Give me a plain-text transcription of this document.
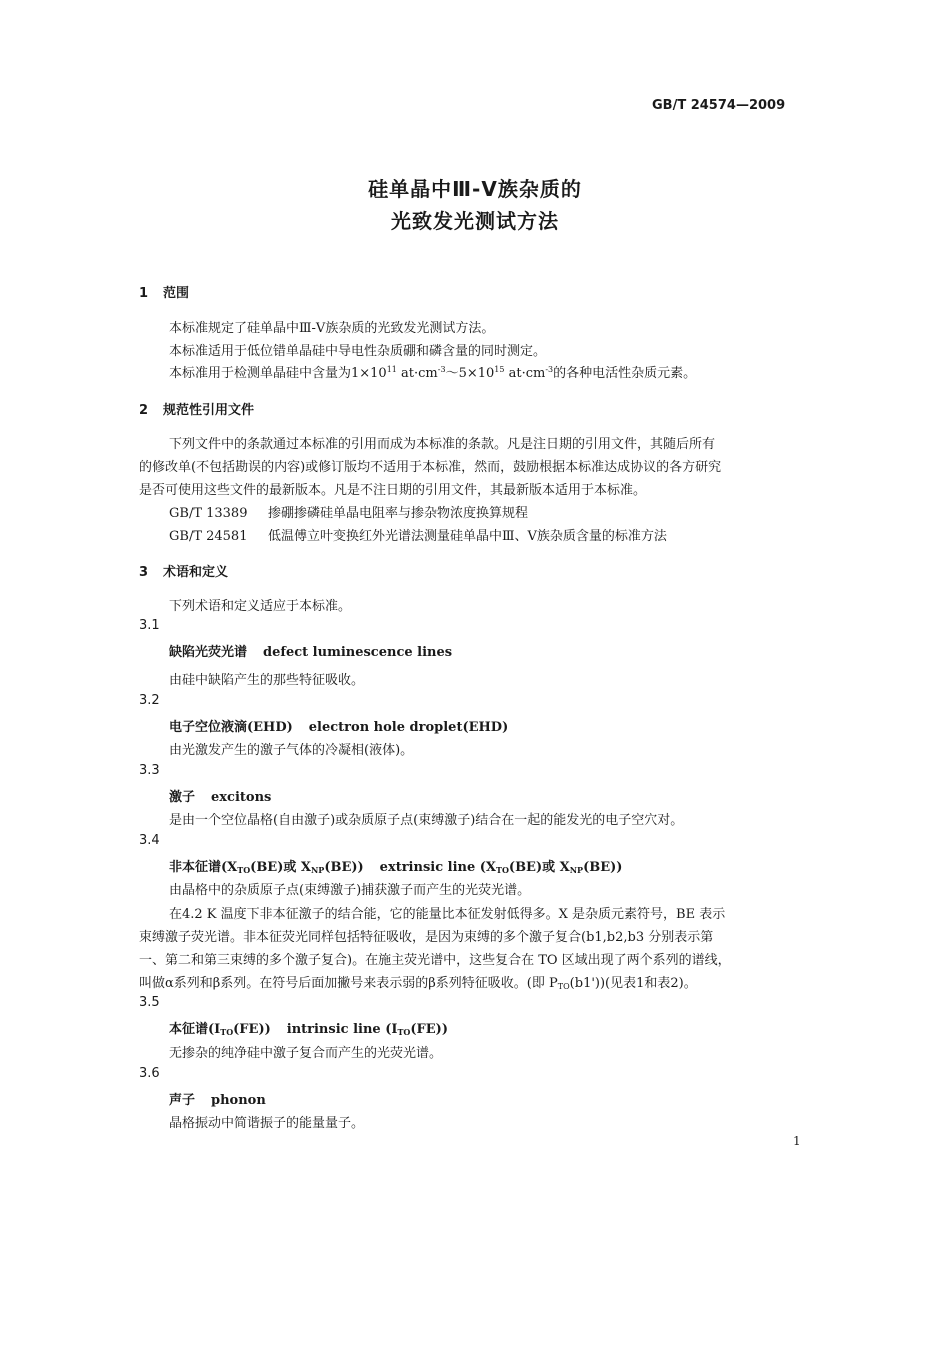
GB/T 24574—2009
硅单晶中Ⅲ-Ⅴ族杂质的
光致发光测试方法
1 范围
本标准规定了硅单晶中Ⅲ-Ⅴ族杂质的光致发光测试方法。
本标准适用于低位错单晶硅中导电性杂质硼和磷含量的同时测定。
本标准用于检测单晶硅中含量为$1\times 10^{11}$ $at\cdot cm^{-3}\sim 5\times 10^{15}$ $at\cdot cm^{-3}$的各种电活性杂质元素。
2 规范性引用文件
下列文件中的条款通过本标准的引用而成为本标准的条款。凡是注日期的引用文件，其随后所有
的修改单(不包括勘误的内容)或修订版均不适用于本标准，然而，鼓励根据本标准达成协议的各方研究
是否可使用这些文件的最新版本。凡是不注日期的引用文件，其最新版本适用于本标准。
GB/T 13389 掺硼掺磷硅单晶电阻率与掺杂物浓度换算规程
GB/T 24581 低温傅立叶变换红外光谱法测量硅单晶中Ⅲ、Ⅴ族杂质含量的标准方法
3 术语和定义
下列术语和定义适应于本标准。
3.1
缺陷光荧光谱 defect luminescence lines
由硅中缺陷产生的那些特征吸收。
3.2
电子空位液滴(EHD) electron hole droplet(EHD)
由光激发产生的激子气体的冷凝相(液体)。
3.3
激子 excitons
是由一个空位晶格(自由激子)或杂质原子点(束缚激子)结合在一起的能发光的电子空穴对。
3.4
非本征谱($X_{TO}(BE)$或 $X_{NP}(BE)$) extrinsic line ($X_{TO}(BE)$或 $X_{NP}(BE)$)
由晶格中的杂质原子点(束缚激子)捕获激子而产生的光荧光谱。
在4.2 K 温度下非本征激子的结合能，它的能量比本征发射低得多。X 是杂质元素符号，BE 表示
束缚激子荧光谱。非本征荧光同样包括特征吸收，是因为束缚的多个激子复合(b1,b2,b3 分别表示第
一、第二和第三束缚的多个激子复合)。在施主荧光谱中，这些复合在 TO 区域出现了两个系列的谱线，
叫做α系列和β系列。在符号后面加撇号来表示弱的β系列特征吸收。(即 $P_{TO}(b1')$)(见表1和表2)。
3.5
本征谱$(I_{TO}(FE))$ intrinsic line $(I_{TO}(FE))$
无掺杂的纯净硅中激子复合而产生的光荧光谱。
3.6
声子 phonon
晶格振动中简谐振子的能量量子。
1
